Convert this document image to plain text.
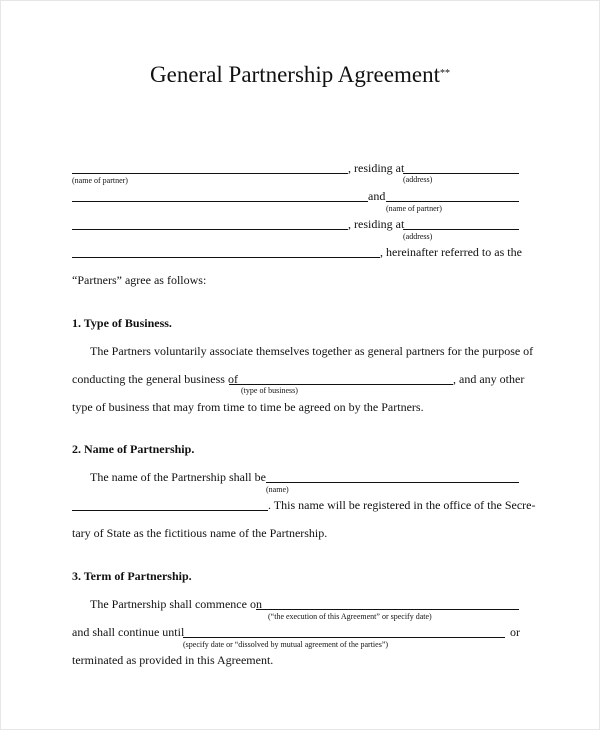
General Partnership Agreement**
, residing at
(name of partner)	(address)
and
(name of partner)
, residing at
(address)
, hereinafter referred to as the
“Partners” agree as follows:
1. Type of Business.
The Partners voluntarily associate themselves together as general partners for the purpose of
conducting the general business of	, and any other
(type of business)
type of business that may from time to time be agreed on by the Partners.
2. Name of Partnership.
The name of the Partnership shall be
(name)
. This name will be registered in the office of the Secre-
tary of State as the fictitious name of the Partnership.
3. Term of Partnership.
The Partnership shall commence on
(“the execution of this Agreement” or specify date)
and shall continue until	or
(specify date or “dissolved by mutual agreement of the parties”)
terminated as provided in this Agreement.
